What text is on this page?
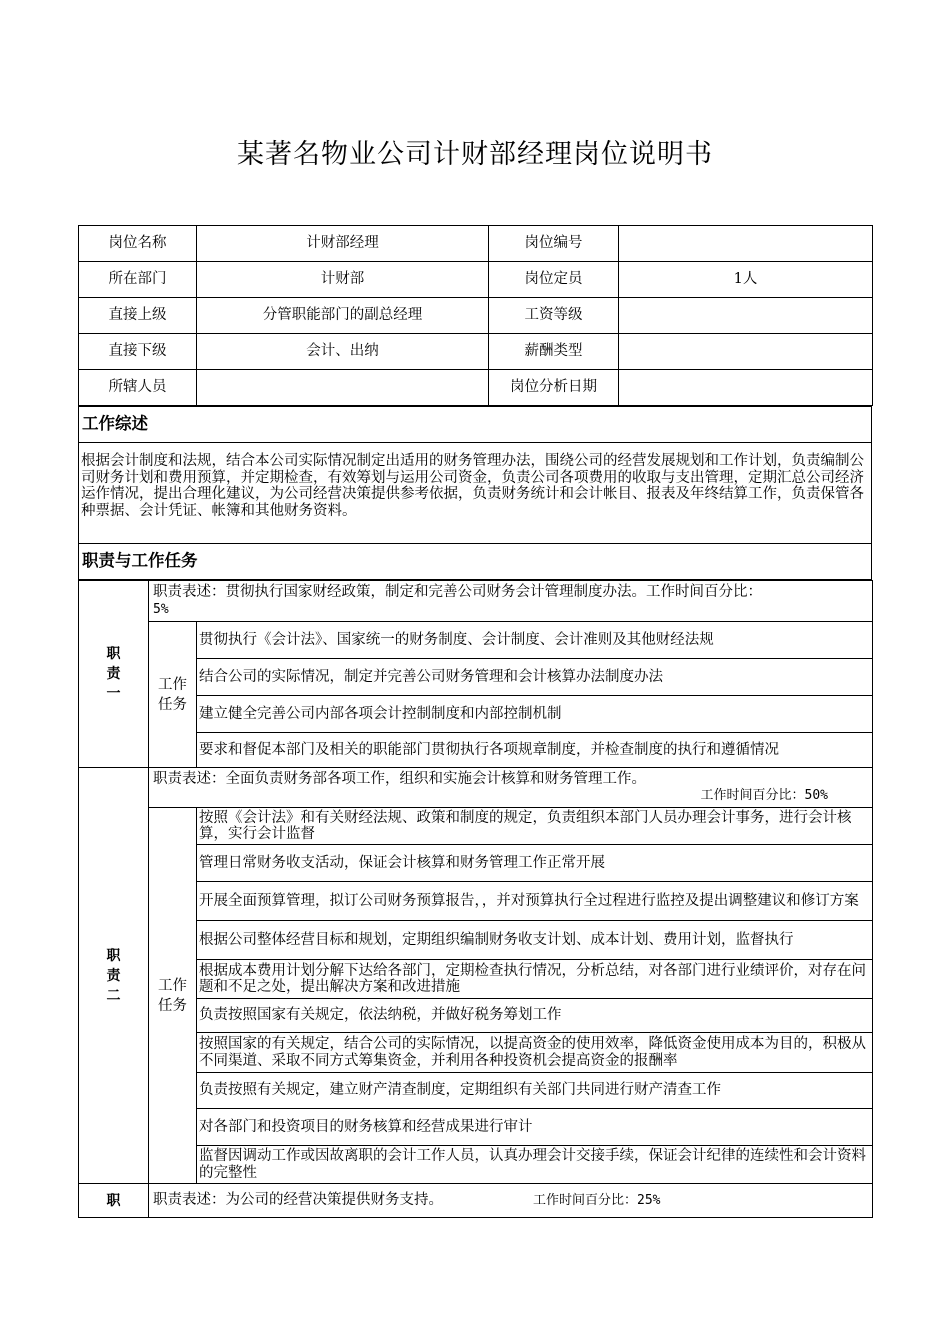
某著名物业公司计财部经理岗位说明书
岗位名称	计财部经理	岗位编号	
所在部门	计财部	岗位定员	1人
直接上级	分管职能部门的副总经理	工资等级	
直接下级	会计、出纳	薪酬类型	
所辖人员		岗位分析日期	
工作综述
根据会计制度和法规，结合本公司实际情况制定出适用的财务管理办法，围绕公司的经营发展规划和工作计划，负责编制公司财务计划和费用预算，并定期检查，有效筹划与运用公司资金，负责公司各项费用的收取与支出管理，定期汇总公司经济运作情况，提出合理化建议，为公司经营决策提供参考依据，负责财务统计和会计帐目、报表及年终结算工作，负责保管各种票据、会计凭证、帐簿和其他财务资料。
职责与工作任务
职责一	职责表述：贯彻执行国家财经政策，制定和完善公司财务会计管理制度办法。工作时间百分比：
5%	
	工作任务	贯彻执行《会计法》、国家统一的财务制度、会计制度、会计准则及其他财经法规
		结合公司的实际情况，制定并完善公司财务管理和会计核算办法制度办法
		建立健全完善公司内部各项会计控制制度和内部控制机制
		要求和督促本部门及相关的职能部门贯彻执行各项规章制度，并检查制度的执行和遵循情况
职责二	职责表述：全面负责财务部各项工作，组织和实施会计核算和财务管理工作。
工作时间百分比：50%	

	工作任务	按照《会计法》和有关财经法规、政策和制度的规定，负责组织本部门人员办理会计事务，进行会计核算，实行会计监督
		管理日常财务收支活动，保证会计核算和财务管理工作正常开展
		开展全面预算管理，拟订公司财务预算报告，，并对预算执行全过程进行监控及提出调整建议和修订方案
		根据公司整体经营目标和规划，定期组织编制财务收支计划、成本计划、费用计划，监督执行
		根据成本费用计划分解下达给各部门，定期检查执行情况，分析总结，对各部门进行业绩评价，对存在问题和不足之处，提出解决方案和改进措施
		负责按照国家有关规定，依法纳税，并做好税务筹划工作
		按照国家的有关规定，结合公司的实际情况，以提高资金的使用效率，降低资金使用成本为目的，积极从不同渠道、采取不同方式筹集资金，并利用各种投资机会提高资金的报酬率
		负责按照有关规定，建立财产清查制度，定期组织有关部门共同进行财产清查工作
		对各部门和投资项目的财务核算和经营成果进行审计
		监督因调动工作或因故离职的会计工作人员，认真办理会计交接手续，保证会计纪律的连续性和会计资料的完整性
职	职责表述：为公司的经营决策提供财务支持。 工作时间百分比：25%	
